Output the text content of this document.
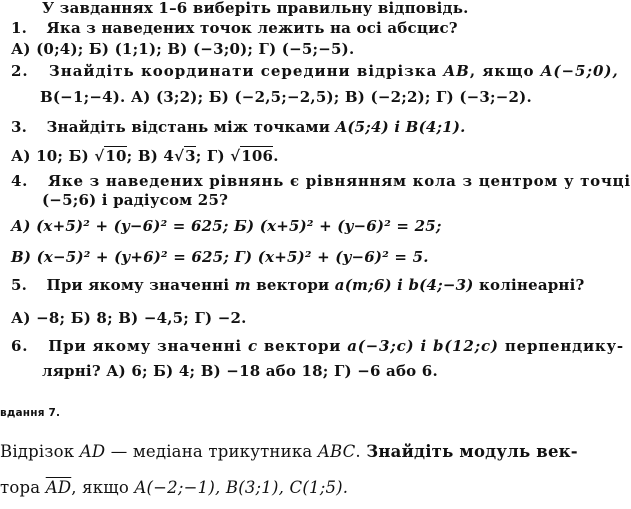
У завданнях 1–6 виберіть правильну відповідь.
1. Яка з наведених точок лежить на осі абсцис?
А) (0;4); Б) (1;1); В) (−3;0); Г) (−5;−5).
2. Знайдіть координати середини відрізка AB, якщо A(−5;0),
B(−1;−4). А) (3;2); Б) (−2,5;−2,5); В) (−2;2); Г) (−3;−2).
3. Знайдіть відстань між точками A(5;4) і B(4;1).
А) 10; Б) √10; В) 4√3; Г) √106.
4. Яке з наведених рівнянь є рівнянням кола з центром у точці
(−5;6) і радіусом 25?
А) (x+5)² + (y−6)² = 625; Б) (x+5)² + (y−6)² = 25;
В) (x−5)² + (y+6)² = 625; Г) (x+5)² + (y−6)² = 5.
5. При якому значенні m вектори a(m;6) і b(4;−3) колінеарні?
А) −8; Б) 8; В) −4,5; Г) −2.
6. При якому значенні c вектори a(−3;c) і b(12;c) перпендику-
лярні? А) 6; Б) 4; В) −18 або 18; Г) −6 або 6.
вдання 7.
Відрізок AD — медіана трикутника ABC. Знайдіть модуль век-
тора $\overline{AD}$, якщо A(−2;−1), B(3;1), C(1;5).
